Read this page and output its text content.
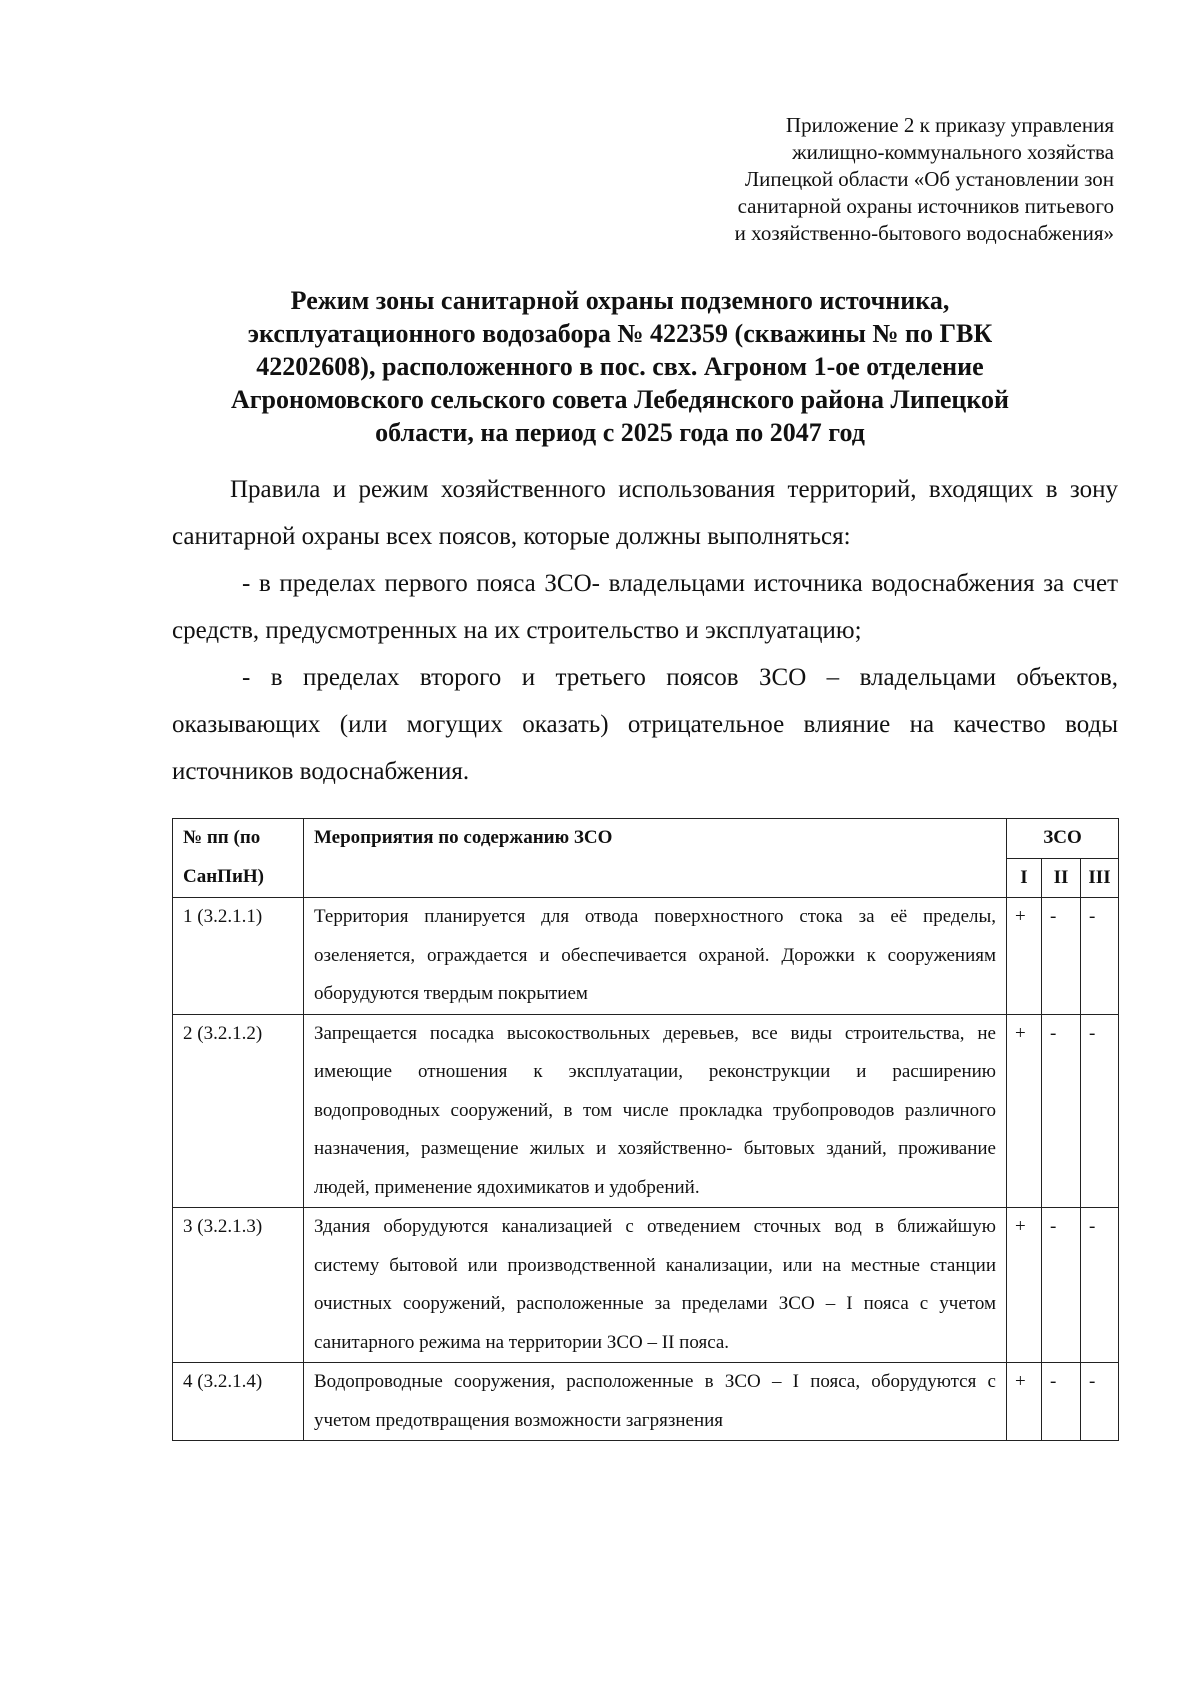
Приложение 2 к приказу управления
жилищно-коммунального хозяйства
Липецкой области «Об установлении зон
санитарной охраны источников питьевого
и хозяйственно-бытового водоснабжения»
Режим зоны санитарной охраны подземного источника,
эксплуатационного водозабора № 422359 (скважины № по ГВК
42202608), расположенного в пос. свх. Агроном 1-ое отделение
Агрономовского сельского совета Лебедянского района Липецкой
области, на период с 2025 года по 2047 год

Правила и режим хозяйственного использования территорий, входящих в зону санитарной охраны всех поясов, которые должны выполняться:

- в пределах первого пояса ЗСО- владельцами источника водоснабжения за счет средств, предусмотренных на их строительство и эксплуатацию;

- в пределах второго и третьего поясов ЗСО – владельцами объектов, оказывающих (или могущих оказать) отрицательное влияние на качество воды источников водоснабжения.

№ пп (по СанПиН)	Мероприятия по содержанию ЗСО	ЗСО		
		I	II	III
1 (3.2.1.1)	Территория планируется для отвода поверхностного стока за её пределы, озеленяется, ограждается и обеспечивается охраной. Дорожки к сооружениям оборудуются твердым покрытием	+	-	-
2 (3.2.1.2)	Запрещается посадка высокоствольных деревьев, все виды строительства, не имеющие отношения к эксплуатации, реконструкции и расширению водопроводных сооружений, в том числе прокладка трубопроводов различного назначения, размещение жилых и хозяйственно- бытовых зданий, проживание людей, применение ядохимикатов и удобрений.	+	-	-
3 (3.2.1.3)	Здания оборудуются канализацией с отведением сточных вод в ближайшую систему бытовой или производственной канализации, или на местные станции очистных сооружений, расположенные за пределами ЗСО – I пояса с учетом санитарного режима на территории ЗСО – II пояса.	+	-	-
4 (3.2.1.4)	Водопроводные сооружения, расположенные в ЗСО – I пояса, оборудуются с учетом предотвращения возможности загрязнения	+	-	-
